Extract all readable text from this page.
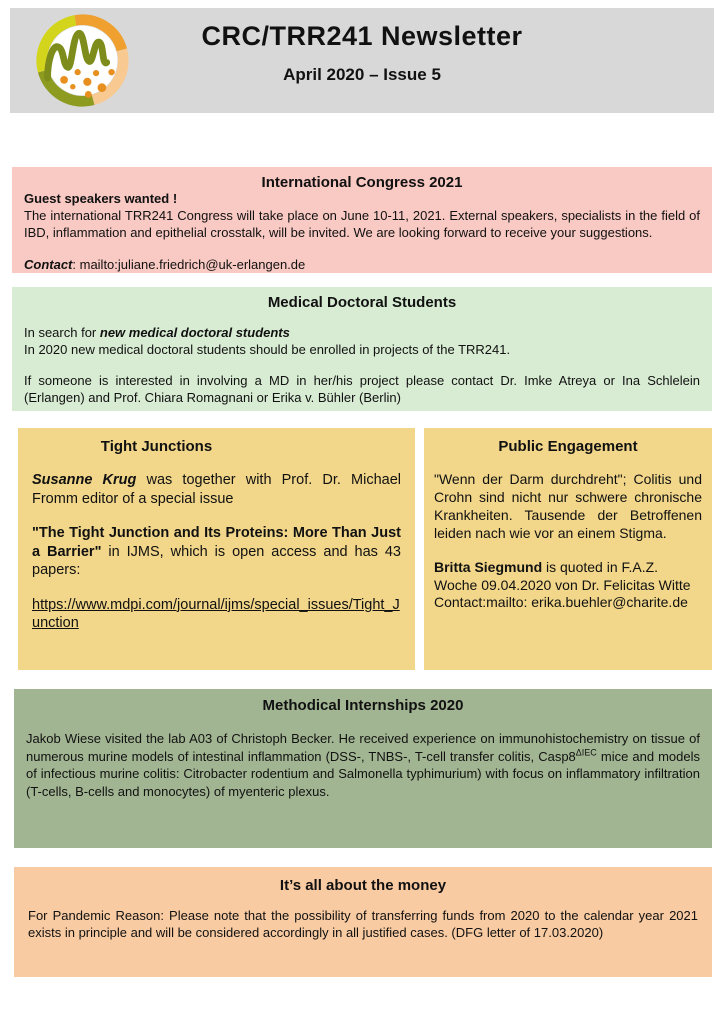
CRC/TRR241 Newsletter
April 2020 – Issue 5
International Congress 2021

Guest speakers wanted !

The international TRR241 Congress will take place on June 10-11, 2021. External speakers, specialists in the field of IBD, inflammation and epithelial crosstalk, will be invited. We are looking forward to receive your suggestions.

Contact: mailto:juliane.friedrich@uk-erlangen.de

Medical Doctoral Students

In search for new medical doctoral students

In 2020 new medical doctoral students should be enrolled in projects of the TRR241.

If someone is interested in involving a MD in her/his project please contact Dr. Imke Atreya or Ina Schlelein (Erlangen) and Prof. Chiara Romagnani or Erika v. Bühler (Berlin)

Tight Junctions

Susanne Krug was together with Prof. Dr. Michael Fromm editor of a special issue

"The Tight Junction and Its Proteins: More Than Just a Barrier" in IJMS, which is open access and has 43 papers:

https://www.mdpi.com/journal/ijms/special_issues/Tight_Junction

Public Engagement

"Wenn der Darm durchdreht"; Colitis und Crohn sind nicht nur schwere chronische Krankheiten. Tausende der Betroffenen leiden nach wie vor an einem Stigma.

Britta Siegmund is quoted in F.A.Z. Woche 09.04.2020 von Dr. Felicitas Witte

Contact:mailto: erika.buehler@charite.de

Methodical Internships 2020

Jakob Wiese visited the lab A03 of Christoph Becker. He received experience on immunohistochemistry on tissue of numerous murine models of intestinal inflammation (DSS-, TNBS-, T-cell transfer colitis, $Casp8^{\Delta IEC}$ mice and models of infectious murine colitis: Citrobacter rodentium and Salmonella typhimurium) with focus on inflammatory infiltration (T-cells, B-cells and monocytes) of myenteric plexus.

It’s all about the money

For Pandemic Reason: Please note that the possibility of transferring funds from 2020 to the calendar year 2021 exists in principle and will be considered accordingly in all justified cases. (DFG letter of 17.03.2020)
